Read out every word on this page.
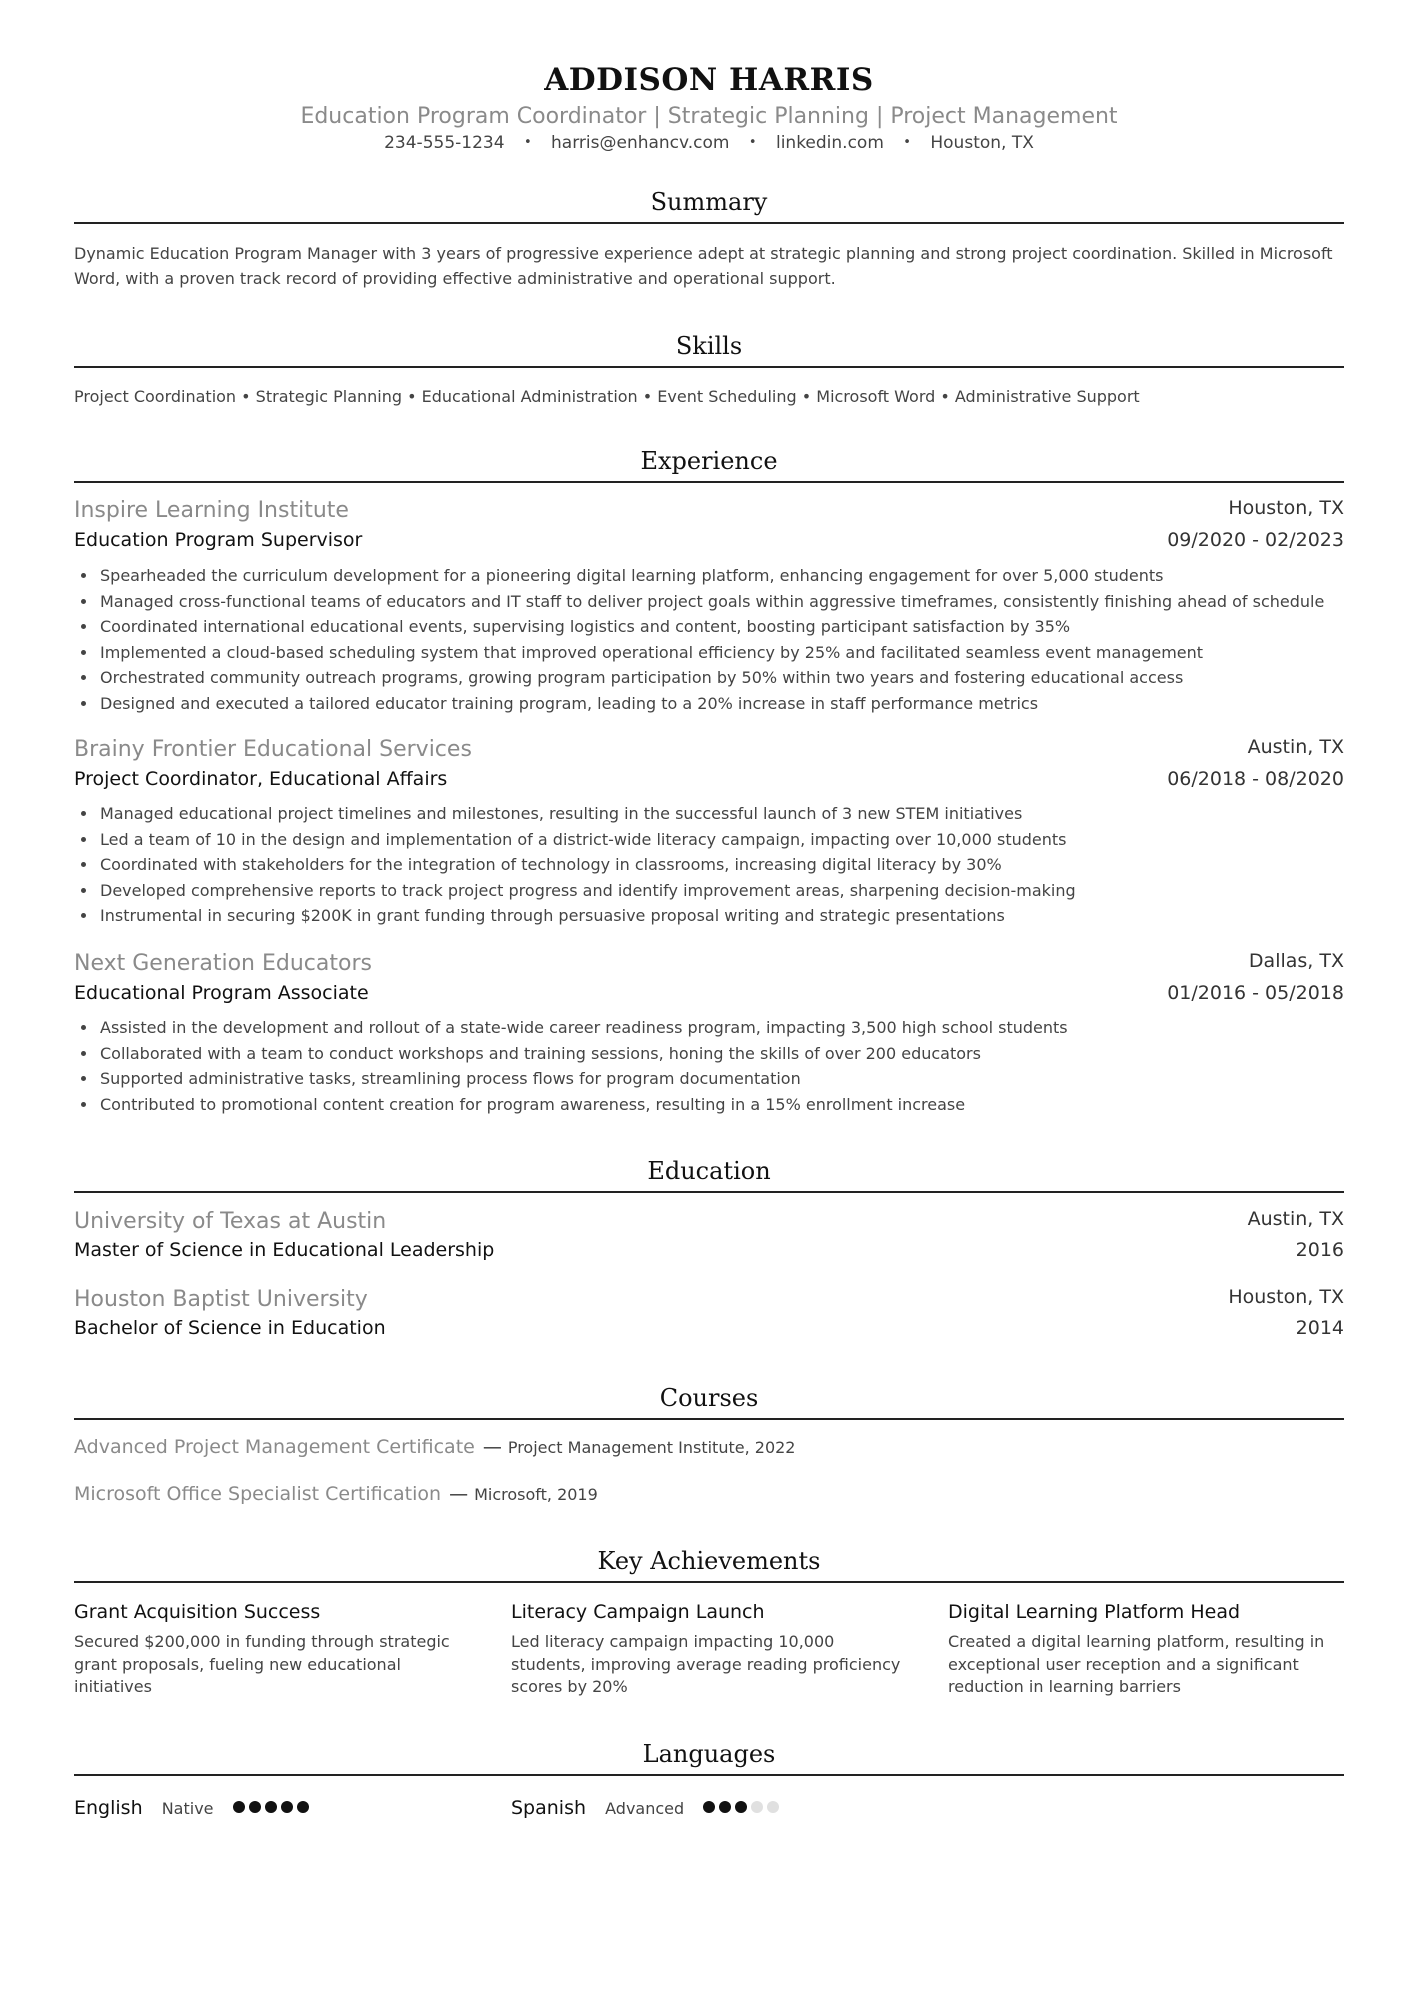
ADDISON HARRIS
Education Program Coordinator | Strategic Planning | Project Management
234-555-1234 • harris@enhancv.com • linkedin.com • Houston, TX
Summary
Dynamic Education Program Manager with 3 years of progressive experience adept at strategic planning and strong project coordination. Skilled in Microsoft Word, with a proven track record of providing effective administrative and operational support.
Skills
Project Coordination • Strategic Planning • Educational Administration • Event Scheduling • Microsoft Word • Administrative Support
Experience
Inspire Learning Institute	Houston, TX
Education Program Supervisor	09/2020 - 02/2023
• Spearheaded the curriculum development for a pioneering digital learning platform, enhancing engagement for over 5,000 students
• Managed cross-functional teams of educators and IT staff to deliver project goals within aggressive timeframes, consistently finishing ahead of schedule
• Coordinated international educational events, supervising logistics and content, boosting participant satisfaction by 35%
• Implemented a cloud-based scheduling system that improved operational efficiency by 25% and facilitated seamless event management
• Orchestrated community outreach programs, growing program participation by 50% within two years and fostering educational access
• Designed and executed a tailored educator training program, leading to a 20% increase in staff performance metrics
Brainy Frontier Educational Services	Austin, TX
Project Coordinator, Educational Affairs	06/2018 - 08/2020
• Managed educational project timelines and milestones, resulting in the successful launch of 3 new STEM initiatives
• Led a team of 10 in the design and implementation of a district-wide literacy campaign, impacting over 10,000 students
• Coordinated with stakeholders for the integration of technology in classrooms, increasing digital literacy by 30%
• Developed comprehensive reports to track project progress and identify improvement areas, sharpening decision-making
• Instrumental in securing $200K in grant funding through persuasive proposal writing and strategic presentations
Next Generation Educators	Dallas, TX
Educational Program Associate	01/2016 - 05/2018
• Assisted in the development and rollout of a state-wide career readiness program, impacting 3,500 high school students
• Collaborated with a team to conduct workshops and training sessions, honing the skills of over 200 educators
• Supported administrative tasks, streamlining process flows for program documentation
• Contributed to promotional content creation for program awareness, resulting in a 15% enrollment increase
Education
University of Texas at Austin	Austin, TX
Master of Science in Educational Leadership	2016
Houston Baptist University	Houston, TX
Bachelor of Science in Education	2014
Courses
Advanced Project Management Certificate — Project Management Institute, 2022
Microsoft Office Specialist Certification — Microsoft, 2019
Key Achievements
Grant Acquisition Success
Secured $200,000 in funding through strategic grant proposals, fueling new educational initiatives
Literacy Campaign Launch
Led literacy campaign impacting 10,000 students, improving average reading proficiency scores by 20%
Digital Learning Platform Head
Created a digital learning platform, resulting in exceptional user reception and a significant reduction in learning barriers
Languages
English Native	Spanish Advanced
